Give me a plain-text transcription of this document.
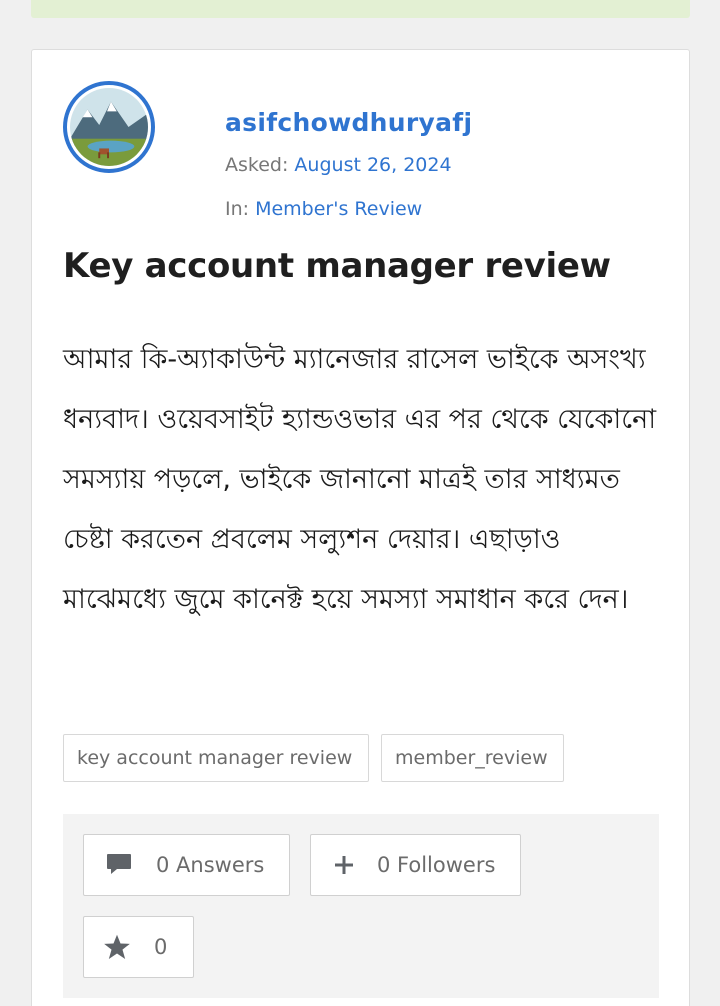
asifchowdhuryafj
Asked: August 26, 2024
In: Member's Review
Key account manager review

আমার কি-অ্যাকাউন্ট ম্যানেজার রাসেল ভাইকে অসংখ্য ধন্যবাদ। ওয়েবসাইট হ্যান্ডওভার এর পর থেকে যেকোনো সমস্যায় পড়লে, ভাইকে জানানো মাত্রই তার সাধ্যমত চেষ্টা করতেন প্রবলেম সল্যুশন দেয়ার। এছাড়াও মাঝেমধ্যে জুমে কানেক্ট হয়ে সমস্যা সমাধান করে দেন।

key account manager review	member_review
0 Answers	0 Followers
0
